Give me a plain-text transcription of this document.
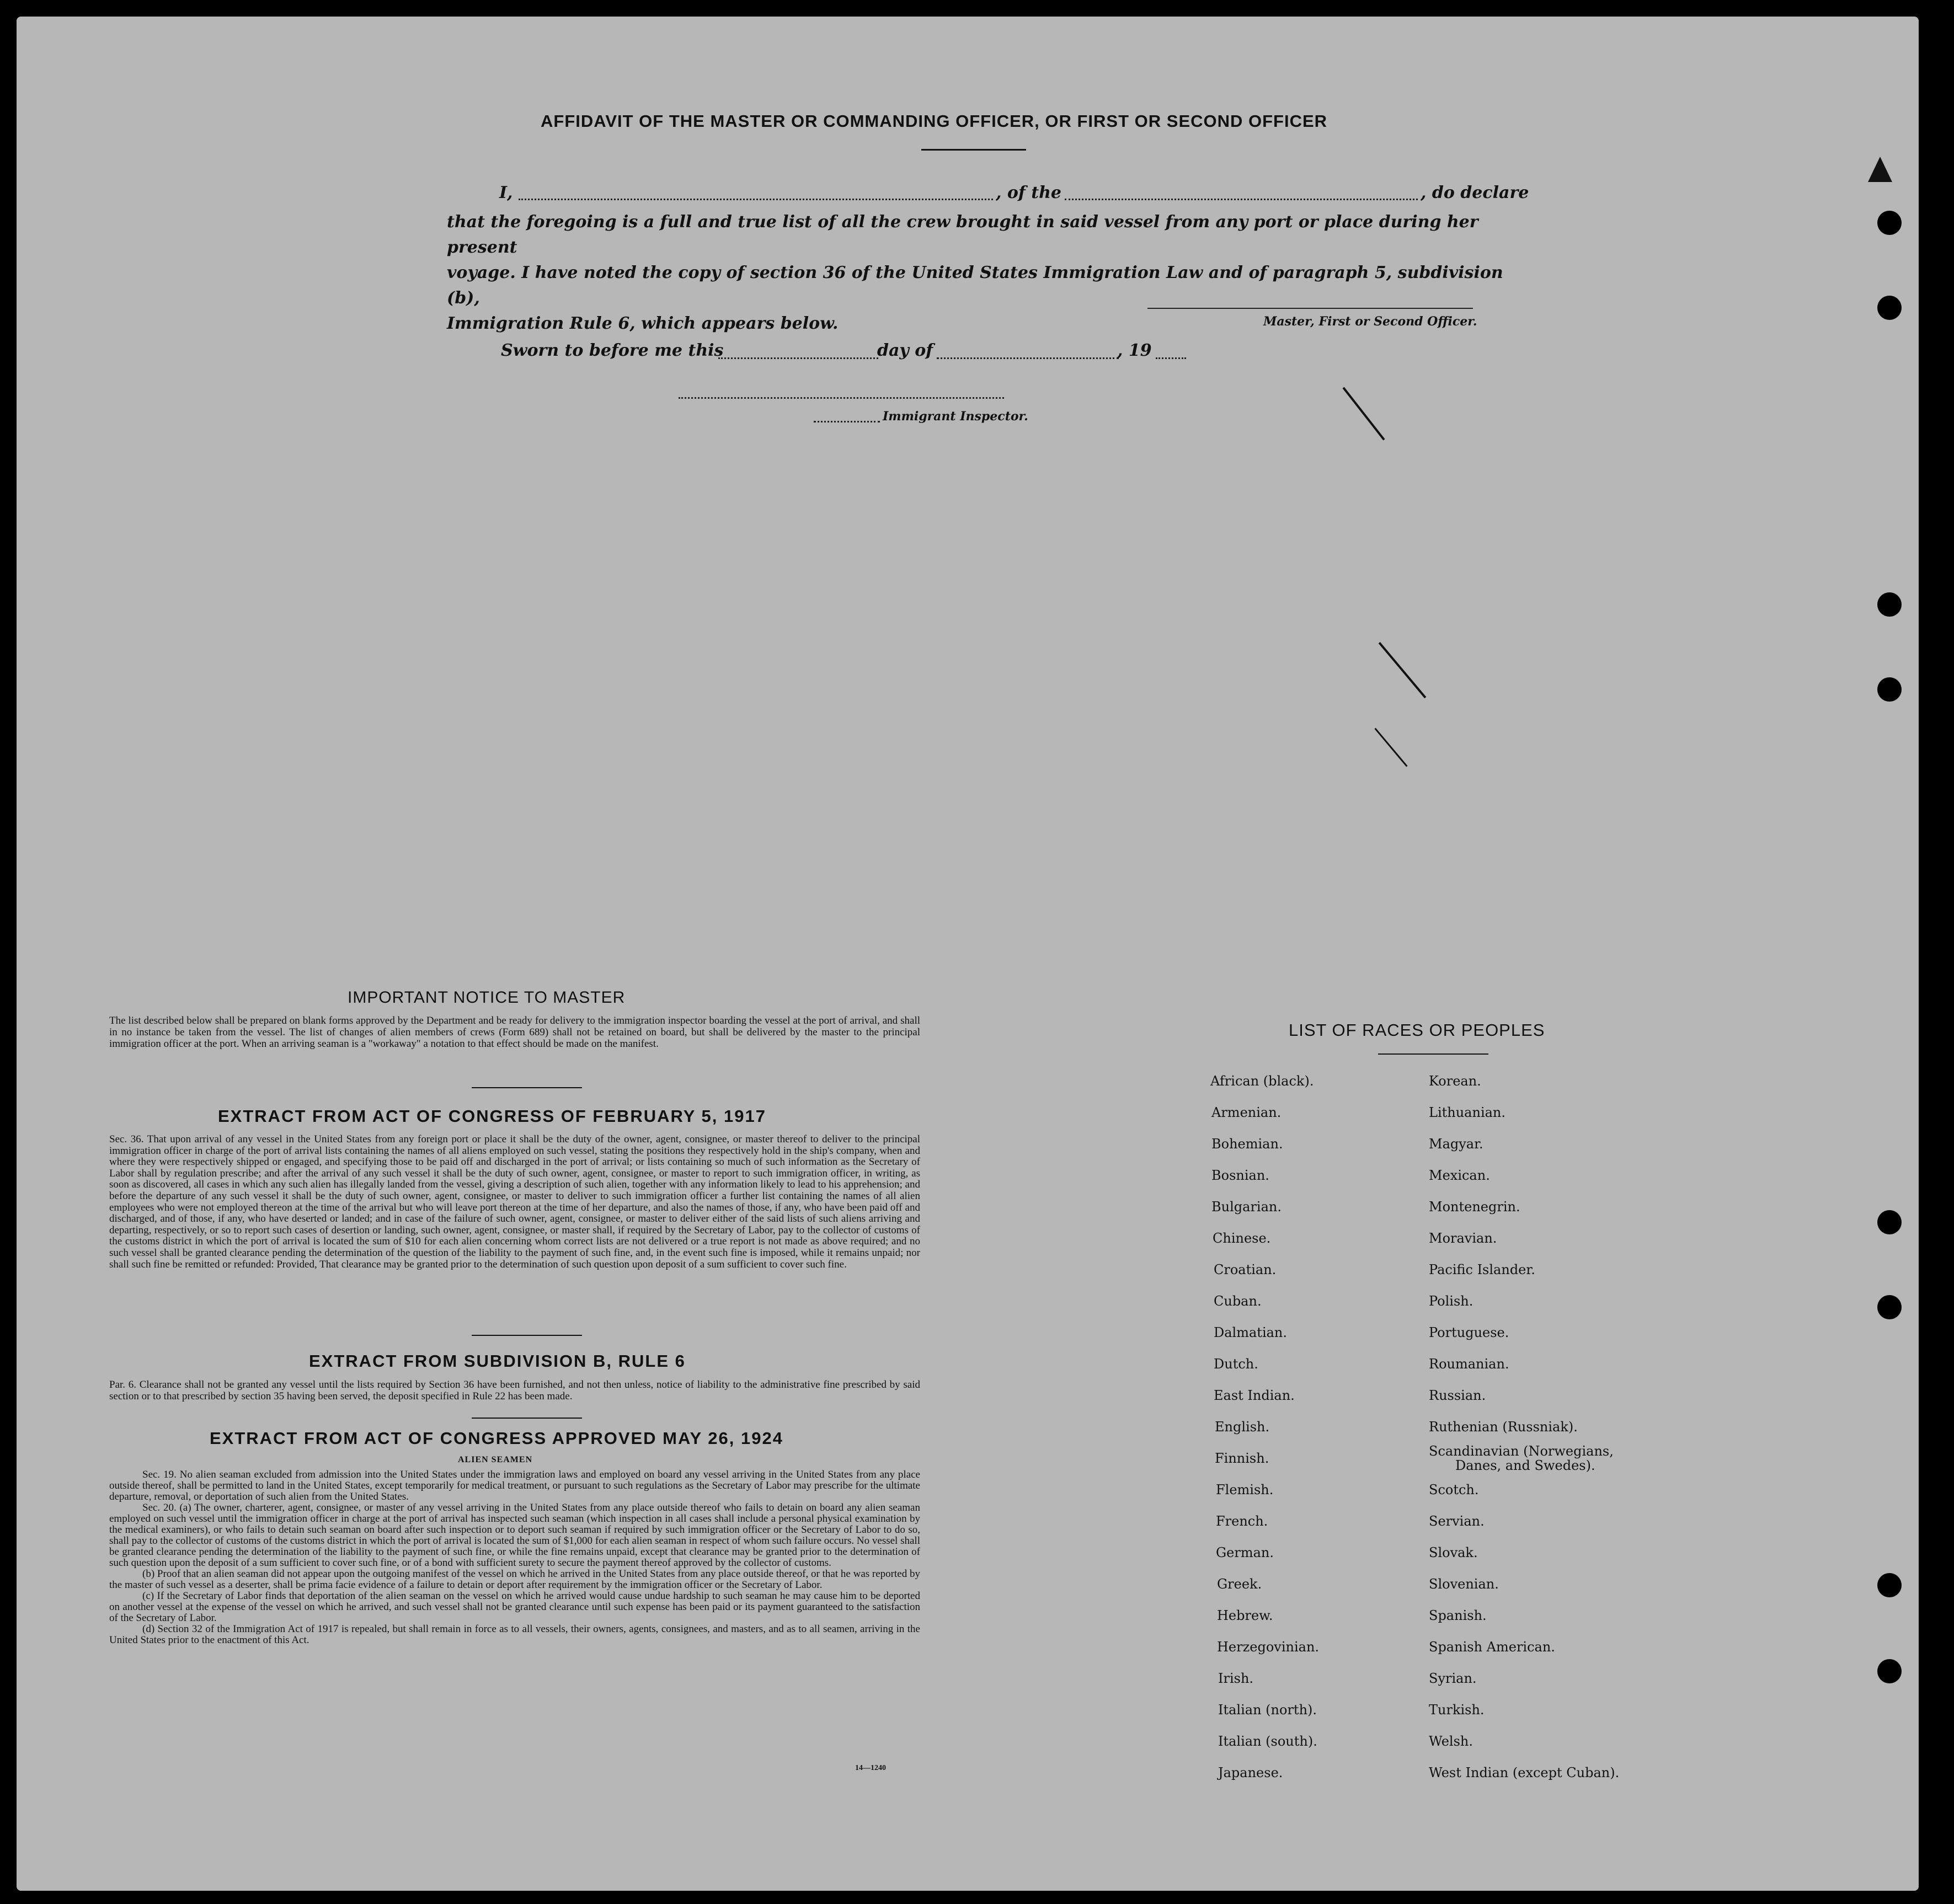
AFFIDAVIT OF THE MASTER OR COMMANDING OFFICER, OR FIRST OR SECOND OFFICER
I,	, of the	, do declare
that the foregoing is a full and true list of all the crew brought in said vessel from any port or place during her present
voyage. I have noted the copy of section 36 of the United States Immigration Law and of paragraph 5, subdivision (b),
Immigration Rule 6, which appears below.	Master, First or Second Officer.
Sworn to before me this	day of	, 19
Immigrant Inspector.
IMPORTANT NOTICE TO MASTER
The list described below shall be prepared on blank forms approved by the Department and be ready for delivery to the immigration inspector boarding the vessel at the port of arrival, and shall in no instance be taken from the vessel. The list of changes of alien members of crews (Form 689) shall not be retained on board, but shall be delivered by the master to the principal immigration officer at the port. When an arriving seaman is a "workaway" a notation to that effect should be made on the manifest.
EXTRACT FROM ACT OF CONGRESS OF FEBRUARY 5, 1917
Sec. 36. That upon arrival of any vessel in the United States from any foreign port or place it shall be the duty of the owner, agent, consignee, or master thereof to deliver to the principal immigration officer in charge of the port of arrival lists containing the names of all aliens employed on such vessel, stating the positions they respectively hold in the ship's company, when and where they were respectively shipped or engaged, and specifying those to be paid off and discharged in the port of arrival; or lists containing so much of such information as the Secretary of Labor shall by regulation prescribe; and after the arrival of any such vessel it shall be the duty of such owner, agent, consignee, or master to report to such immigration officer, in writing, as soon as discovered, all cases in which any such alien has illegally landed from the vessel, giving a description of such alien, together with any information likely to lead to his apprehension; and before the departure of any such vessel it shall be the duty of such owner, agent, consignee, or master to deliver to such immigration officer a further list containing the names of all alien employees who were not employed thereon at the time of the arrival but who will leave port thereon at the time of her departure, and also the names of those, if any, who have been paid off and discharged, and of those, if any, who have deserted or landed; and in case of the failure of such owner, agent, consignee, or master to deliver either of the said lists of such aliens arriving and departing, respectively, or so to report such cases of desertion or landing, such owner, agent, consignee, or master shall, if required by the Secretary of Labor, pay to the collector of customs of the customs district in which the port of arrival is located the sum of $10 for each alien concerning whom correct lists are not delivered or a true report is not made as above required; and no such vessel shall be granted clearance pending the determination of the question of the liability to the payment of such fine, and, in the event such fine is imposed, while it remains unpaid; nor shall such fine be remitted or refunded: Provided, That clearance may be granted prior to the determination of such question upon deposit of a sum sufficient to cover such fine.
EXTRACT FROM SUBDIVISION B, RULE 6
Par. 6. Clearance shall not be granted any vessel until the lists required by Section 36 have been furnished, and not then unless, notice of liability to the administrative fine prescribed by said section or to that prescribed by section 35 having been served, the deposit specified in Rule 22 has been made.
EXTRACT FROM ACT OF CONGRESS APPROVED MAY 26, 1924
ALIEN SEAMEN
Sec. 19. No alien seaman excluded from admission into the United States under the immigration laws and employed on board any vessel arriving in the United States from any place outside thereof, shall be permitted to land in the United States, except temporarily for medical treatment, or pursuant to such regulations as the Secretary of Labor may prescribe for the ultimate departure, removal, or deportation of such alien from the United States.
Sec. 20. (a) The owner, charterer, agent, consignee, or master of any vessel arriving in the United States from any place outside thereof who fails to detain on board any alien seaman employed on such vessel until the immigration officer in charge at the port of arrival has inspected such seaman (which inspection in all cases shall include a personal physical examination by the medical examiners), or who fails to detain such seaman on board after such inspection or to deport such seaman if required by such immigration officer or the Secretary of Labor to do so, shall pay to the collector of customs of the customs district in which the port of arrival is located the sum of $1,000 for each alien seaman in respect of whom such failure occurs. No vessel shall be granted clearance pending the determination of the liability to the payment of such fine, or while the fine remains unpaid, except that clearance may be granted prior to the determination of such question upon the deposit of a sum sufficient to cover such fine, or of a bond with sufficient surety to secure the payment thereof approved by the collector of customs.
(b) Proof that an alien seaman did not appear upon the outgoing manifest of the vessel on which he arrived in the United States from any place outside thereof, or that he was reported by the master of such vessel as a deserter, shall be prima facie evidence of a failure to detain or deport after requirement by the immigration officer or the Secretary of Labor.
(c) If the Secretary of Labor finds that deportation of the alien seaman on the vessel on which he arrived would cause undue hardship to such seaman he may cause him to be deported on another vessel at the expense of the vessel on which he arrived, and such vessel shall not be granted clearance until such expense has been paid or its payment guaranteed to the satisfaction of the Secretary of Labor.
(d) Section 32 of the Immigration Act of 1917 is repealed, but shall remain in force as to all vessels, their owners, agents, consignees, and masters, and as to all seamen, arriving in the United States prior to the enactment of this Act.
14—1240
LIST OF RACES OR PEOPLES
African (black).
Armenian.
Bohemian.
Bosnian.
Bulgarian.
Chinese.
Croatian.
Cuban.
Dalmatian.
Dutch.
East Indian.
English.
Finnish.
Flemish.
French.
German.
Greek.
Hebrew.
Herzegovinian.
Irish.
Italian (north).
Italian (south).
Japanese.
Korean.
Lithuanian.
Magyar.
Mexican.
Montenegrin.
Moravian.
Pacific Islander.
Polish.
Portuguese.
Roumanian.
Russian.
Ruthenian (Russniak).
Scandinavian (Norwegians,
Danes, and Swedes).
Scotch.
Servian.
Slovak.
Slovenian.
Spanish.
Spanish American.
Syrian.
Turkish.
Welsh.
West Indian (except Cuban).
